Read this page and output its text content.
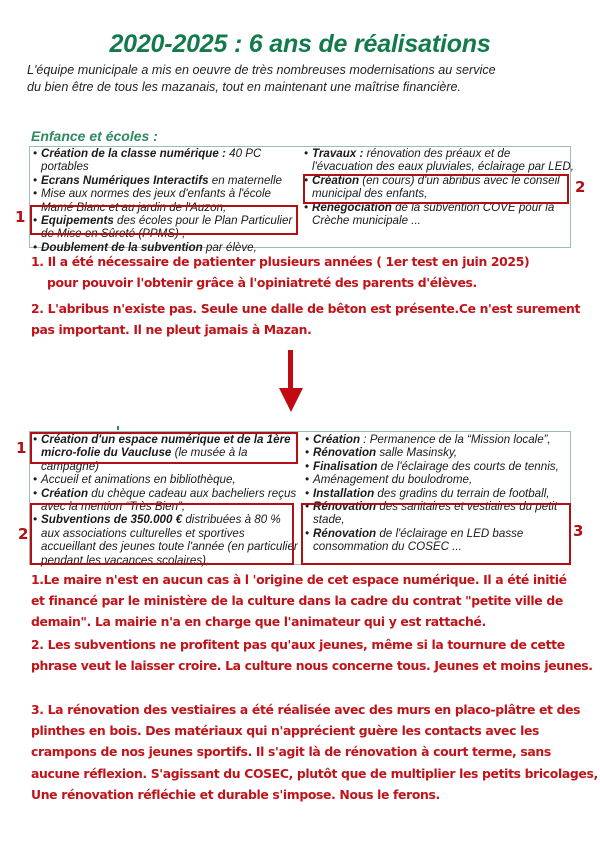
2020-2025 : 6 ans de réalisations
L'équipe municipale a mis en oeuvre de très nombreuses modernisations au service
du bien être de tous les mazanais, tout en maintenant une maîtrise financière.
Enfance et écoles :
• Création de la classe numérique : 40 PC portables
• Ecrans Numériques Interactifs en maternelle
• Mise aux normes des jeux d'enfants à l'école Mamé Blanc et au jardin de l'Auzon,
• Equipements des écoles pour le Plan Particulier de Mise en Sûreté (PPMS) ,
• Doublement de la subvention par élève,
• Travaux : rénovation des préaux et de l'évacuation des eaux pluviales, éclairage par LED,
• Création (en cours) d'un abribus avec le conseil municipal des enfants,
• Renégociation de la subvention COVE pour la Crèche municipale ...
1
2
1. Il a été nécessaire de patienter plusieurs années ( 1er test en juin 2025)
pour pouvoir l'obtenir grâce à l'opiniatreté des parents d'élèves.
2. L'abribus n'existe pas. Seule une dalle de bêton est présente.Ce n'est surement
pas important. Il ne pleut jamais à Mazan.
• Création d'un espace numérique et de la 1ère micro-folie du Vaucluse (le musée à la campagne)
• Accueil et animations en bibliothèque,
• Création du chèque cadeau aux bacheliers reçus avec la mention “Très Bien”,
• Subventions de 350.000 € distribuées à 80 % aux associations culturelles et sportives accueillant des jeunes toute l'année (en particulier pendant les vacances scolaires),
• Création : Permanence de la “Mission locale”,
• Rénovation salle Masinsky,
• Finalisation de l'éclairage des courts de tennis,
• Aménagement du boulodrome,
• Installation des gradins du terrain de football,
• Rénovation des sanitaires et vestiaires du petit stade,
• Rénovation de l'éclairage en LED basse consommation du COSEC ...
1
2	3
1.Le maire n'est en aucun cas à l 'origine de cet espace numérique. Il a été initié
et financé par le ministère de la culture dans la cadre du contrat "petite ville de
demain". La mairie n'a en charge que l'animateur qui y est rattaché.
2. Les subventions ne profitent pas qu'aux jeunes, même si la tournure de cette
phrase veut le laisser croire. La culture nous concerne tous. Jeunes et moins jeunes.
3. La rénovation des vestiaires a été réalisée avec des murs en placo-plâtre et des
plinthes en bois. Des matériaux qui n'apprécient guère les contacts avec les
crampons de nos jeunes sportifs. Il s'agit là de rénovation à court terme, sans
aucune réflexion. S'agissant du COSEC, plutôt que de multiplier les petits bricolages,
Une rénovation réfléchie et durable s'impose. Nous le ferons.
